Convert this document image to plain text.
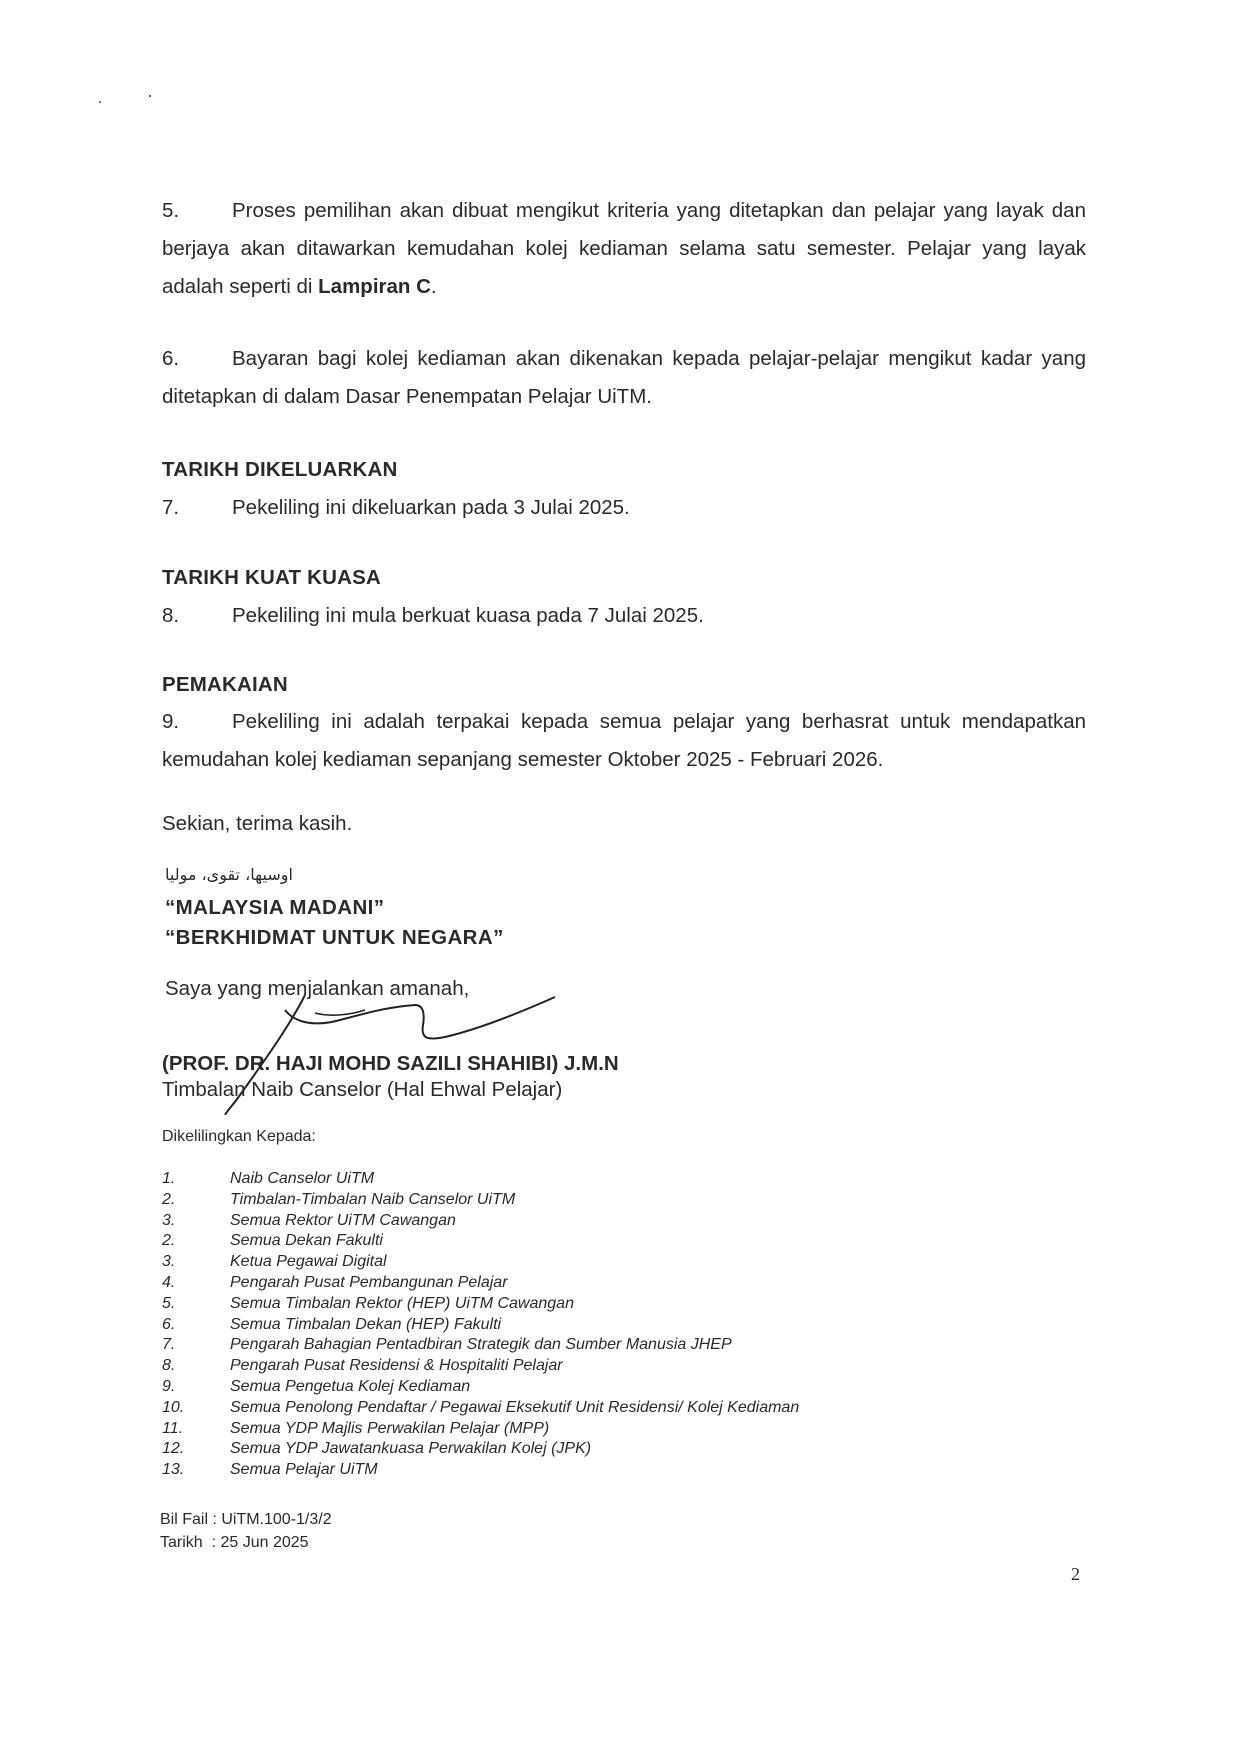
5.	Proses pemilihan akan dibuat mengikut kriteria yang ditetapkan dan pelajar yang layak dan berjaya akan ditawarkan kemudahan kolej kediaman selama satu semester. Pelajar yang layak adalah seperti di Lampiran C.

6.	Bayaran bagi kolej kediaman akan dikenakan kepada pelajar-pelajar mengikut kadar yang ditetapkan di dalam Dasar Penempatan Pelajar UiTM.

TARIKH DIKELUARKAN

7.	Pekeliling ini dikeluarkan pada 3 Julai 2025.

TARIKH KUAT KUASA

8.	Pekeliling ini mula berkuat kuasa pada 7 Julai 2025.

PEMAKAIAN

9.	Pekeliling ini adalah terpakai kepada semua pelajar yang berhasrat untuk mendapatkan kemudahan kolej kediaman sepanjang semester Oktober 2025 - Februari 2026.

Sekian, terima kasih.

اوسيها، تقوى، موليا
“MALAYSIA MADANI”
“BERKHIDMAT UNTUK NEGARA”
Saya yang menjalankan amanah,
(PROF. DR. HAJI MOHD SAZILI SHAHIBI) J.M.N
Timbalan Naib Canselor (Hal Ehwal Pelajar)
Dikelilingkan Kepada:
1.	Naib Canselor UiTM
2.	Timbalan-Timbalan Naib Canselor UiTM
3.	Semua Rektor UiTM Cawangan
2.	Semua Dekan Fakulti
3.	Ketua Pegawai Digital
4.	Pengarah Pusat Pembangunan Pelajar
5.	Semua Timbalan Rektor (HEP) UiTM Cawangan
6.	Semua Timbalan Dekan (HEP) Fakulti
7.	Pengarah Bahagian Pentadbiran Strategik dan Sumber Manusia JHEP
8.	Pengarah Pusat Residensi & Hospitaliti Pelajar
9.	Semua Pengetua Kolej Kediaman
10.	Semua Penolong Pendaftar / Pegawai Eksekutif Unit Residensi/ Kolej Kediaman
11.	Semua YDP Majlis Perwakilan Pelajar (MPP)
12.	Semua YDP Jawatankuasa Perwakilan Kolej (JPK)
13.	Semua Pelajar UiTM
Bil Fail : UiTM.100-1/3/2
Tarikh  : 25 Jun 2025
2
